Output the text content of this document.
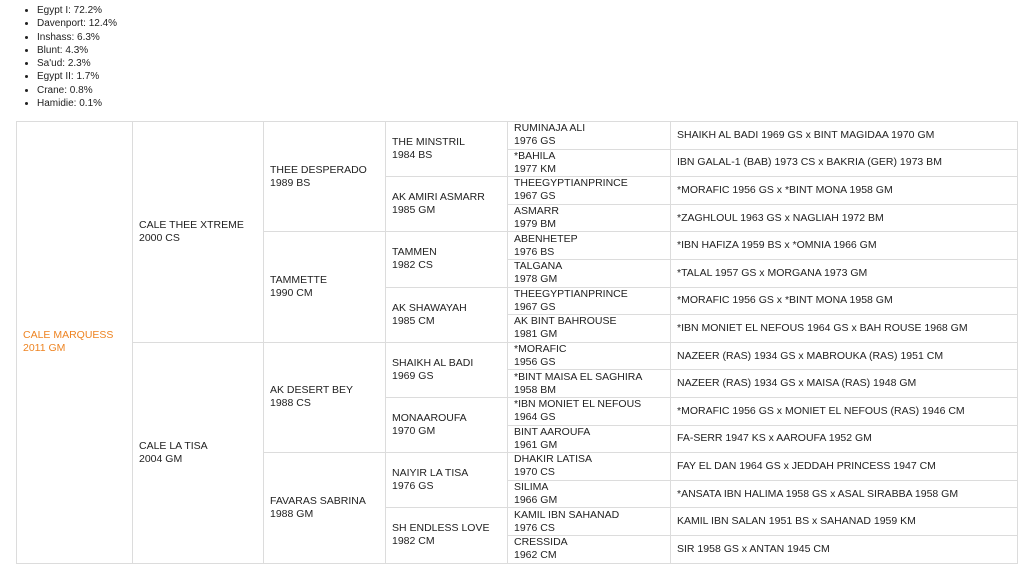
• Egypt I: 72.2%
• Davenport: 12.4%
• Inshass: 6.3%
• Blunt: 4.3%
• Sa'ud: 2.3%
• Egypt II: 1.7%
• Crane: 0.8%
• Hamidie: 0.1%
CALE MARQUESS
2011 GM	CALE THEE XTREME
2000 CS	THEE DESPERADO
1989 BS	THE MINSTRIL
1984 BS	RUMINAJA ALI
1976 GS	SHAIKH AL BADI 1969 GS x BINT MAGIDAA 1970 GM

				*BAHILA
1977 KM	IBN GALAL-1 (BAB) 1973 CS x BAKRIA (GER) 1973 BM

			AK AMIRI ASMARR
1985 GM	THEEGYPTIANPRINCE
1967 GS	*MORAFIC 1956 GS x *BINT MONA 1958 GM

				ASMARR
1979 BM	*ZAGHLOUL 1963 GS x NAGLIAH 1972 BM

		TAMMETTE
1990 CM	TAMMEN
1982 CS	ABENHETEP
1976 BS	*IBN HAFIZA 1959 BS x *OMNIA 1966 GM

				TALGANA
1978 GM	*TALAL 1957 GS x MORGANA 1973 GM

			AK SHAWAYAH
1985 CM	THEEGYPTIANPRINCE
1967 GS	*MORAFIC 1956 GS x *BINT MONA 1958 GM

				AK BINT BAHROUSE
1981 GM	*IBN MONIET EL NEFOUS 1964 GS x BAH ROUSE 1968 GM

	CALE LA TISA
2004 GM	AK DESERT BEY
1988 CS	SHAIKH AL BADI
1969 GS	*MORAFIC
1956 GS	NAZEER (RAS) 1934 GS x MABROUKA (RAS) 1951 CM

				*BINT MAISA EL SAGHIRA
1958 BM	NAZEER (RAS) 1934 GS x MAISA (RAS) 1948 GM

			MONAAROUFA
1970 GM	*IBN MONIET EL NEFOUS
1964 GS	*MORAFIC 1956 GS x MONIET EL NEFOUS (RAS) 1946 CM

				BINT AAROUFA
1961 GM	FA-SERR 1947 KS x AAROUFA 1952 GM

		FAVARAS SABRINA
1988 GM	NAIYIR LA TISA
1976 GS	DHAKIR LATISA
1970 CS	FAY EL DAN 1964 GS x JEDDAH PRINCESS 1947 CM

				SILIMA
1966 GM	*ANSATA IBN HALIMA 1958 GS x ASAL SIRABBA 1958 GM

			SH ENDLESS LOVE
1982 CM	KAMIL IBN SAHANAD
1976 CS	KAMIL IBN SALAN 1951 BS x SAHANAD 1959 KM

				CRESSIDA
1962 CM	SIR 1958 GS x ANTAN 1945 CM
